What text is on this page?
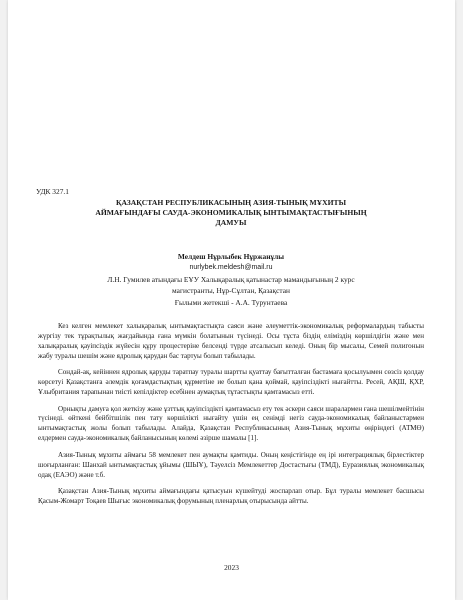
УДК 327.1
ҚАЗАҚСТАН РЕСПУБЛИКАСЫНЫҢ АЗИЯ-ТЫНЫҚ МҰХИТЫ
АЙМАҒЫНДАҒЫ САУДА-ЭКОНОМИКАЛЫҚ ЫНТЫМАҚТАСТЫҒЫНЫҢ
ДАМУЫ
Мелдеш Нұрлыбек Нұржанұлы
nurlybek.meldesh@mail.ru
Л.Н. Гумилев атындағы ЕҰУ Халықаралық қатынастар мамандығының 2 курс
магистранты, Нұр-Сұлтан, Қазақстан
Ғылыми жетекші - А.А. Турунтаева

Кез келген мемлекет халықаралық ынтымақтастықта саяси және әлеуметтік-экономикалық реформалардың табысты жүргізу тек тұрақтылық жағдайында ғана мүмкін болатынын түсінеді. Осы тұста біздің еліміздің көршілдігін және мен халықаралық қауіпсіздік жүйесін құру процестеріне белсенді түрде атсалысып келеді. Оның бір мысалы, Семей полигонын жабу туралы шешім және ядролық қарудан бас тартуы болып табылады.

Сондай-ақ, кейіннен ядролық қаруды таратпау туралы шартты қуаттау бағытталған бастамаға қосылуымен сөзсіз қолдау көрсетуі Қазақстанға әлемдік қоғамдастықтың құрметіне ие болып қана қоймай, қауіпсіздікті нығайтты. Ресей, АҚШ, ҚХР, Ұлыбритания тарапынан тиісті кепілдіктер есебінен аумақтық тұтастықты қамтамасыз етті.

Орнықты дамуға қол жеткізу және ұзттық қауіпсіздікті қамтамасыз ету тек әскери саяси шаралармен ғана шешілмейтінін түсінеді. өйткені бейбітшілік пен тату көршілікті нығайту үшін ең сенімді негіз сауда-экономикалық байланыстармен ынтымақтастық жолы болып табылады. Алайда, Қазақстан Республикасының Азия-Тынық мұхиты өңіріндегі (АТМӨ) елдермен сауда-экономикалық байланысының көлемі әзірше шамалы [1].

Азия-Тынық мұхиты аймағы 58 мемлекет пен аумақты қамтиды. Оның кеңістігінде ең ірі интеграциялық бірлестіктер шоғырланған: Шанхай ынтымақтастық ұйымы (ШЫҰ), Тәуелсіз Мемлекеттер Достастығы (ТМД), Еуразиялық экономикалық одақ (ЕАЭО) және т.б.

Қазақстан Азия-Тынық мұхиты аймағындағы қатысуын күшейтуді жоспарлап отыр. Бұл туралы мемлекет басшысы Қасым-Жомарт Тоқаев Шығыс экономикалық форумының пленарлық отырысында айтты.

2023
